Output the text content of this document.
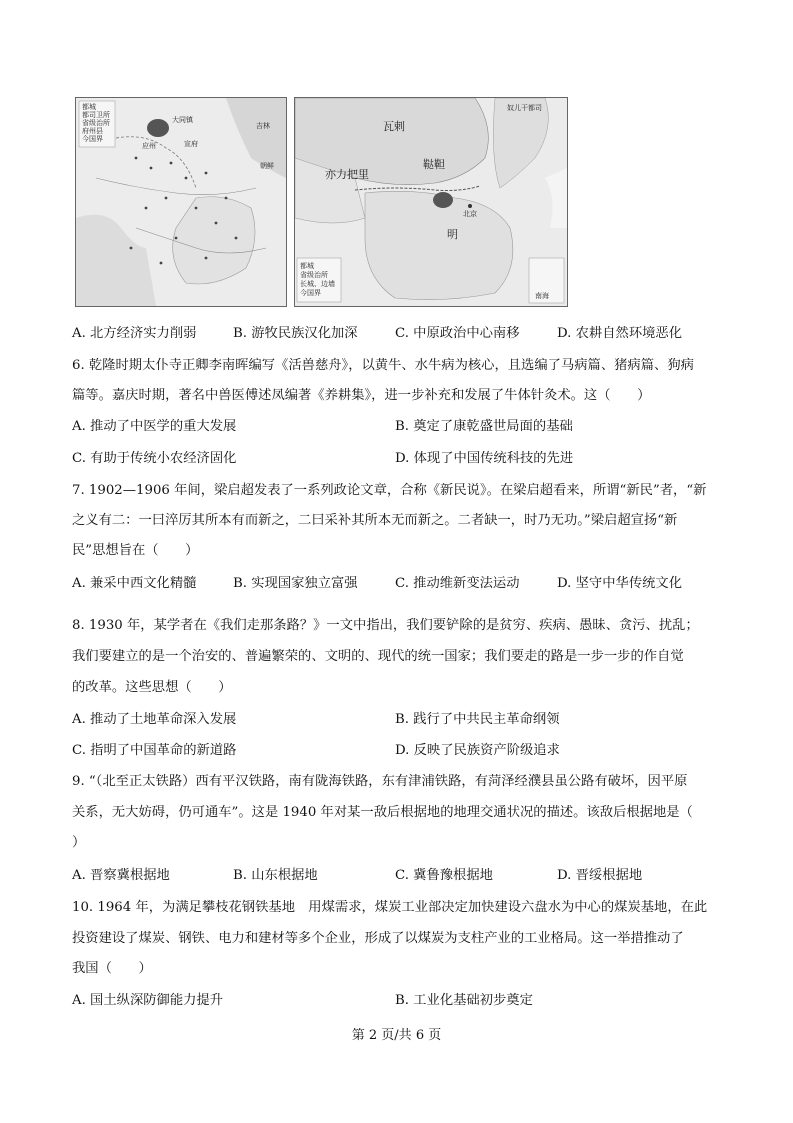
都城
都司卫所
省级治所
府州县
今国界
大同镇
宣府
应州
吉林
朝鲜
南海
都城
省级治所
长城、边墙
今国界
瓦剌
鞑靼
亦力把里
明
北京
奴儿干都司
A. 北方经济实力削弱	B. 游牧民族汉化加深	C. 中原政治中心南移	D. 农耕自然环境恶化
6. 乾隆时期太仆寺正卿李南晖编写《活兽慈舟》，以黄牛、水牛病为核心，且选编了马病篇、猪病篇、狗病
篇等。嘉庆时期，著名中兽医傅述凤编著《养耕集》，进一步补充和发展了牛体针灸术。这（　　）
A. 推动了中医学的重大发展	B. 奠定了康乾盛世局面的基础
C. 有助于传统小农经济固化	D. 体现了中国传统科技的先进
7. 1902—1906 年间，梁启超发表了一系列政论文章，合称《新民说》。在梁启超看来，所谓“新民”者，“新
之义有二：一曰淬厉其所本有而新之，二曰采补其所本无而新之。二者缺一，时乃无功。”梁启超宣扬“新
民”思想旨在（　　）
A. 兼采中西文化精髓	B. 实现国家独立富强	C. 推动维新变法运动	D. 坚守中华传统文化
8. 1930 年，某学者在《我们走那条路？》一文中指出，我们要铲除的是贫穷、疾病、愚昧、贪污、扰乱；
我们要建立的是一个治安的、普遍繁荣的、文明的、现代的统一国家；我们要走的路是一步一步的作自觉
的改革。这些思想（　　）
A. 推动了土地革命深入发展	B. 践行了中共民主革命纲领
C. 指明了中国革命的新道路	D. 反映了民族资产阶级追求
9. “（北至正太铁路）西有平汉铁路，南有陇海铁路，东有津浦铁路，有菏泽经濮县虽公路有破坏，因平原
关系，无大妨碍，仍可通车”。这是 1940 年对某一敌后根据地的地理交通状况的描述。该敌后根据地是（
）
A. 晋察冀根据地	B. 山东根据地	C. 冀鲁豫根据地	D. 晋绥根据地
10. 1964 年，为满足攀枝花钢铁基地　用煤需求，煤炭工业部决定加快建设六盘水为中心的煤炭基地，在此
投资建设了煤炭、钢铁、电力和建材等多个企业，形成了以煤炭为支柱产业的工业格局。这一举措推动了
我国（　　）
A. 国土纵深防御能力提升	B. 工业化基础初步奠定
第 2 页/共 6 页
